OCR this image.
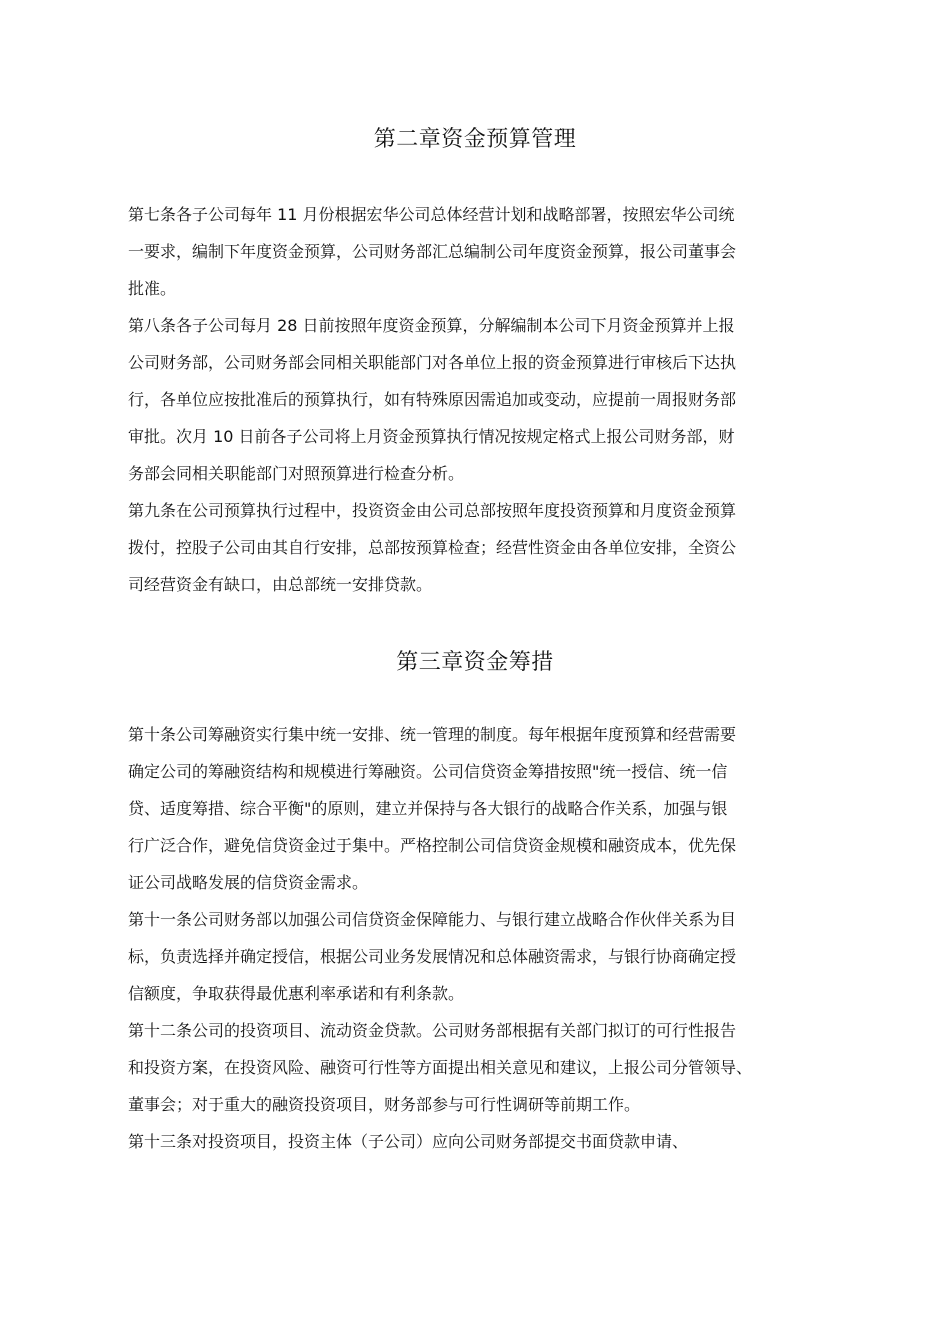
第二章资金预算管理

第七条各子公司每年 11 月份根据宏华公司总体经营计划和战略部署，按照宏华公司统

一要求，编制下年度资金预算，公司财务部汇总编制公司年度资金预算，报公司董事会

批准。

第八条各子公司每月 28 日前按照年度资金预算，分解编制本公司下月资金预算并上报

公司财务部，公司财务部会同相关职能部门对各单位上报的资金预算进行审核后下达执

行，各单位应按批准后的预算执行，如有特殊原因需追加或变动，应提前一周报财务部

审批。次月 10 日前各子公司将上月资金预算执行情况按规定格式上报公司财务部，财

务部会同相关职能部门对照预算进行检查分析。

第九条在公司预算执行过程中，投资资金由公司总部按照年度投资预算和月度资金预算

拨付，控股子公司由其自行安排，总部按预算检查；经营性资金由各单位安排，全资公

司经营资金有缺口，由总部统一安排贷款。

第三章资金筹措

第十条公司筹融资实行集中统一安排、统一管理的制度。每年根据年度预算和经营需要

确定公司的筹融资结构和规模进行筹融资。公司信贷资金筹措按照"统一授信、统一信

贷、适度筹措、综合平衡"的原则，建立并保持与各大银行的战略合作关系，加强与银

行广泛合作，避免信贷资金过于集中。严格控制公司信贷资金规模和融资成本，优先保

证公司战略发展的信贷资金需求。

第十一条公司财务部以加强公司信贷资金保障能力、与银行建立战略合作伙伴关系为目

标，负责选择并确定授信，根据公司业务发展情况和总体融资需求，与银行协商确定授

信额度，争取获得最优惠利率承诺和有利条款。

第十二条公司的投资项目、流动资金贷款。公司财务部根据有关部门拟订的可行性报告

和投资方案，在投资风险、融资可行性等方面提出相关意见和建议，上报公司分管领导、

董事会；对于重大的融资投资项目，财务部参与可行性调研等前期工作。

第十三条对投资项目，投资主体（子公司）应向公司财务部提交书面贷款申请、
